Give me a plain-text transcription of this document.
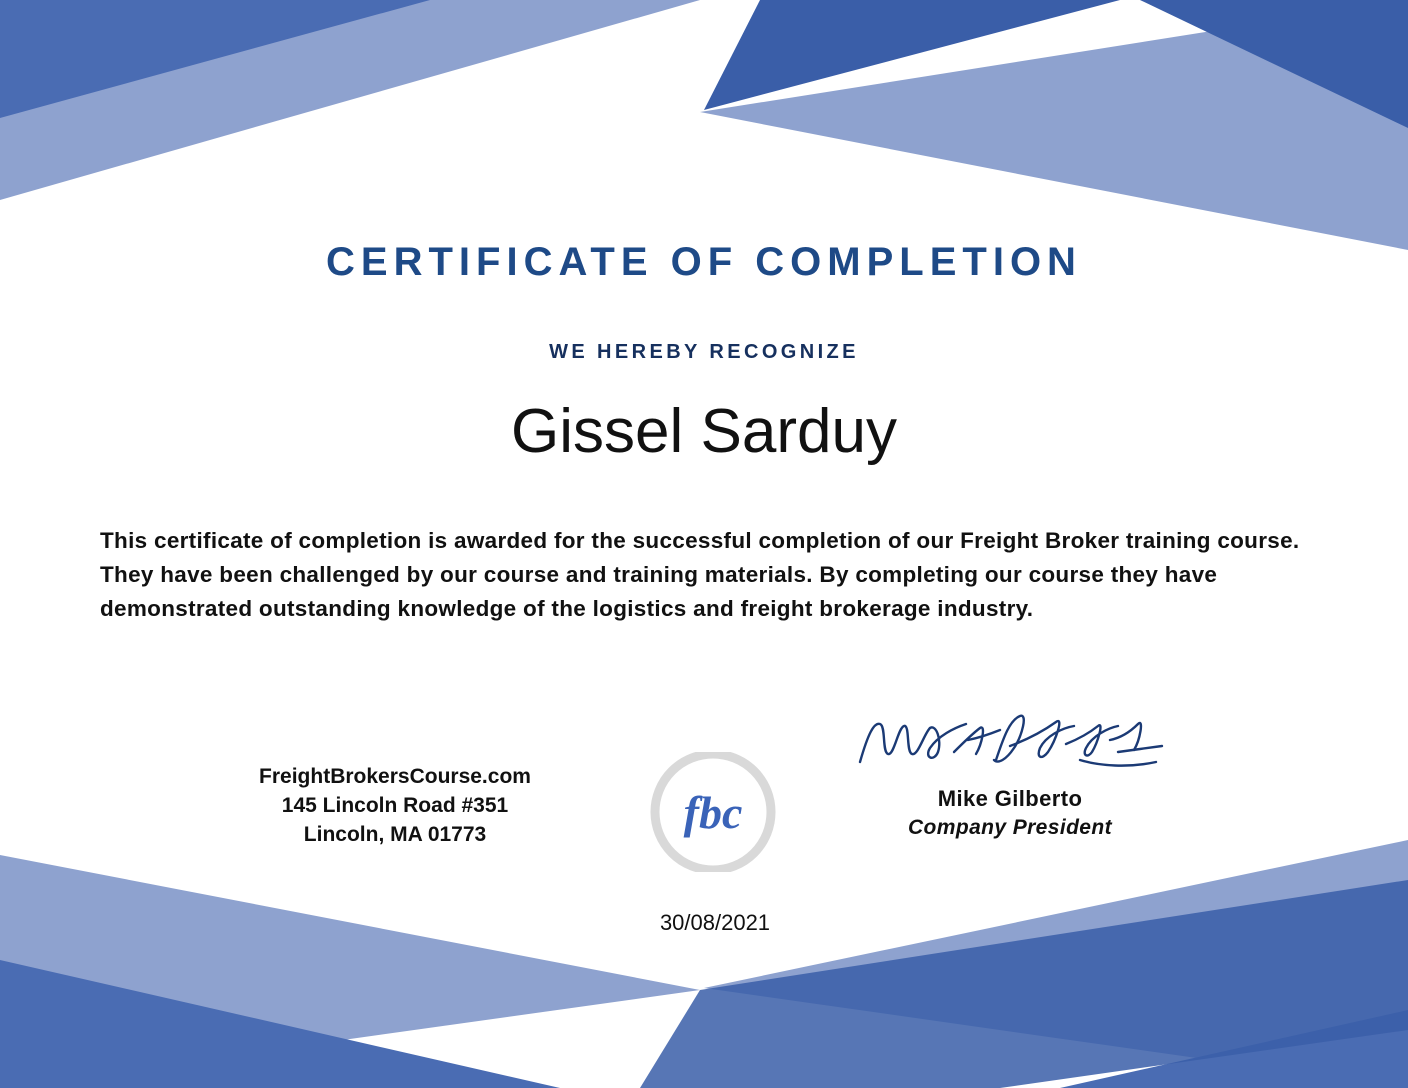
CERTIFICATE OF COMPLETION
WE HEREBY RECOGNIZE
Gissel Sarduy
This certificate of completion is awarded for the successful completion of our Freight Broker training course. They have been challenged by our course and training materials. By completing our course they have demonstrated outstanding knowledge of the logistics and freight brokerage industry.
FreightBrokersCourse.com
145 Lincoln Road #351
Lincoln, MA 01773	fbc	Mike Gilberto
Company President
30/08/2021
